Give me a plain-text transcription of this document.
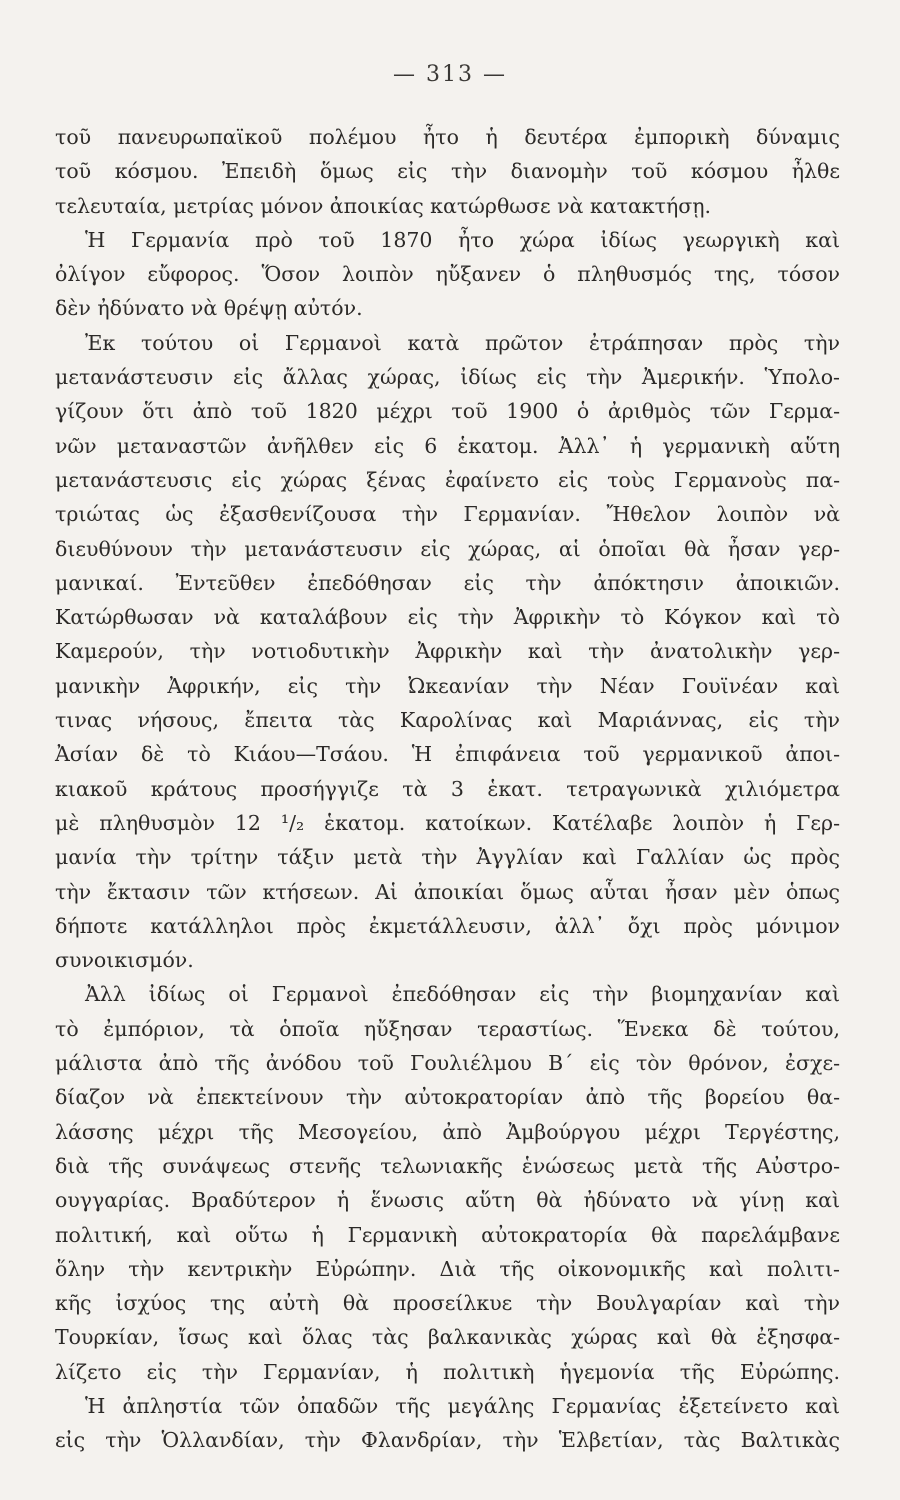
— 313 —
τοῦ πανευρωπαϊκοῦ πολέμου ἦτο ἡ δευτέρα ἐμπορικὴ δύναμις
τοῦ κόσμου. Ἐπειδὴ ὅμως εἰς τὴν διανομὴν τοῦ κόσμου ἦλθε
τελευταία, μετρίας μόνον ἀποικίας κατώρθωσε νὰ κατακτήσῃ.
Ἡ Γερμανία πρὸ τοῦ 1870 ἦτο χώρα ἰδίως γεωργικὴ καὶ
ὀλίγον εὔφορος. Ὅσον λοιπὸν ηὔξανεν ὁ πληθυσμός της, τόσον
δὲν ἠδύνατο νὰ θρέψῃ αὐτόν.
Ἐκ τούτου οἱ Γερμανοὶ κατὰ πρῶτον ἐτράπησαν πρὸς τὴν
μετανάστευσιν εἰς ἄλλας χώρας, ἰδίως εἰς τὴν Ἀμερικήν. Ὑπολο-
γίζουν ὅτι ἀπὸ τοῦ 1820 μέχρι τοῦ 1900 ὁ ἀριθμὸς τῶν Γερμα-
νῶν μεταναστῶν ἀνῆλθεν εἰς 6 ἑκατομ. Ἀλλ᾽ ἡ γερμανικὴ αὕτη
μετανάστευσις εἰς χώρας ξένας ἐφαίνετο εἰς τοὺς Γερμανοὺς πα-
τριώτας ὡς ἐξασθενίζουσα τὴν Γερμανίαν. Ἤθελον λοιπὸν νὰ
διευθύνουν τὴν μετανάστευσιν εἰς χώρας, αἱ ὁποῖαι θὰ ἦσαν γερ-
μανικαί. Ἐντεῦθεν ἐπεδόθησαν εἰς τὴν ἀπόκτησιν ἀποικιῶν.
Κατώρθωσαν νὰ καταλάβουν εἰς τὴν Ἀφρικὴν τὸ Κόγκον καὶ τὸ
Καμερούν, τὴν νοτιοδυτικὴν Ἀφρικὴν καὶ τὴν ἀνατολικὴν γερ-
μανικὴν Ἀφρικήν, εἰς τὴν Ὠκεανίαν τὴν Νέαν Γουϊνέαν καὶ
τινας νήσους, ἔπειτα τὰς Καρολίνας καὶ Μαριάννας, εἰς τὴν
Ἀσίαν δὲ τὸ Κιάου—Τσάου. Ἡ ἐπιφάνεια τοῦ γερμανικοῦ ἀποι-
κιακοῦ κράτους προσήγγιζε τὰ 3 ἑκατ. τετραγωνικὰ χιλιόμετρα
μὲ πληθυσμὸν 12 ¹/₂ ἑκατομ. κατοίκων. Κατέλαβε λοιπὸν ἡ Γερ-
μανία τὴν τρίτην τάξιν μετὰ τὴν Ἀγγλίαν καὶ Γαλλίαν ὡς πρὸς
τὴν ἔκτασιν τῶν κτήσεων. Αἱ ἀποικίαι ὅμως αὗται ἦσαν μὲν ὁπως
δήποτε κατάλληλοι πρὸς ἐκμετάλλευσιν, ἀλλ᾽ ὄχι πρὸς μόνιμον
συνοικισμόν.
Ἀλλ ἰδίως οἱ Γερμανοὶ ἐπεδόθησαν εἰς τὴν βιομηχανίαν καὶ
τὸ ἐμπόριον, τὰ ὁποῖα ηὔξησαν τεραστίως. Ἕνεκα δὲ τούτου,
μάλιστα ἀπὸ τῆς ἀνόδου τοῦ Γουλιέλμου Β´ εἰς τὸν θρόνον, ἐσχε-
δίαζον νὰ ἐπεκτείνουν τὴν αὐτοκρατορίαν ἀπὸ τῆς βορείου θα-
λάσσης μέχρι τῆς Μεσογείου, ἀπὸ Ἀμβούργου μέχρι Τεργέστης,
διὰ τῆς συνάψεως στενῆς τελωνιακῆς ἑνώσεως μετὰ τῆς Αὐστρο-
ουγγαρίας. Βραδύτερον ἡ ἕνωσις αὕτη θὰ ἠδύνατο νὰ γίνῃ καὶ
πολιτική, καὶ οὕτω ἡ Γερμανικὴ αὐτοκρατορία θὰ παρελάμβανε
ὅλην τὴν κεντρικὴν Εὐρώπην. Διὰ τῆς οἰκονομικῆς καὶ πολιτι-
κῆς ἰσχύος της αὐτὴ θὰ προσείλκυε τὴν Βουλγαρίαν καὶ τὴν
Τουρκίαν, ἴσως καὶ ὅλας τὰς βαλκανικὰς χώρας καὶ θὰ ἐξησφα-
λίζετο εἰς τὴν Γερμανίαν, ἡ πολιτικὴ ἡγεμονία τῆς Εὐρώπης.
Ἡ ἀπληστία τῶν ὀπαδῶν τῆς μεγάλης Γερμανίας ἐξετείνετο καὶ
εἰς τὴν Ὁλλανδίαν, τὴν Φλανδρίαν, τὴν Ἑλβετίαν, τὰς Βαλτικὰς
